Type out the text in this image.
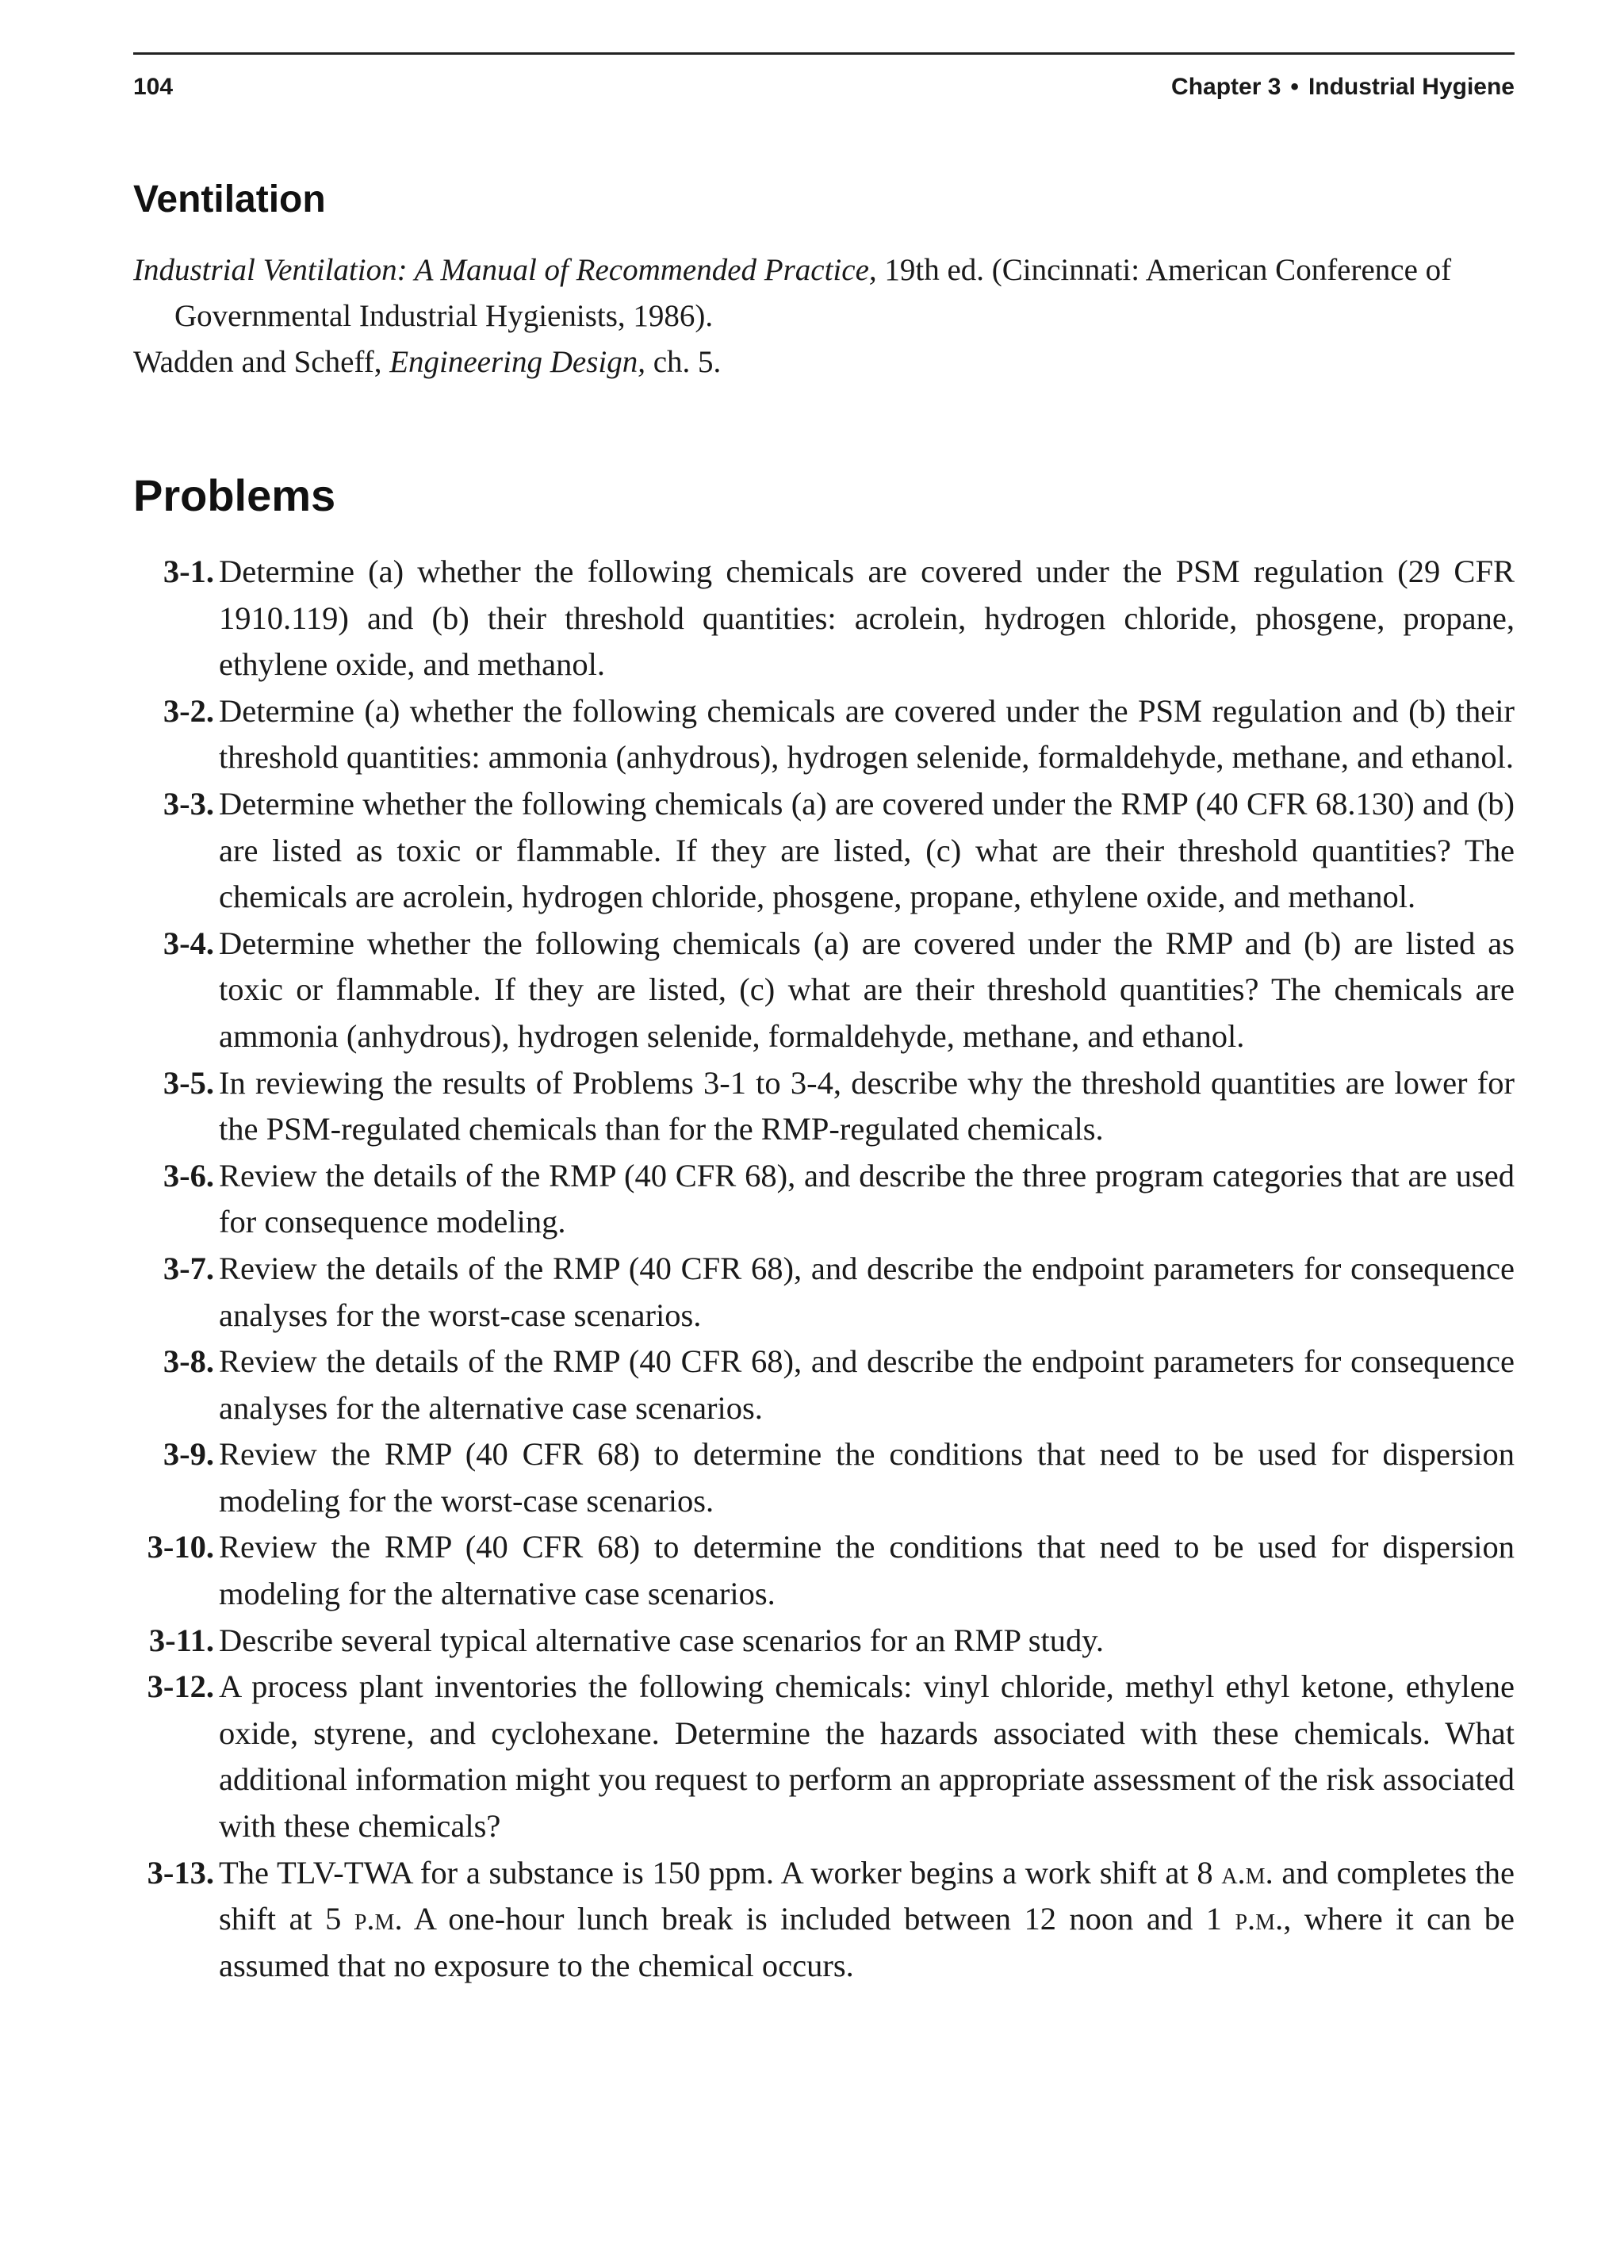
104	Chapter 3 • Industrial Hygiene
Ventilation

Industrial Ventilation: A Manual of Recommended Practice, 19th ed. (Cincinnati: American Conference of Governmental Industrial Hygienists, 1986).

Wadden and Scheff, Engineering Design, ch. 5.

Problems
3-1. Determine (a) whether the following chemicals are covered under the PSM regulation (29 CFR 1910.119) and (b) their threshold quantities: acrolein, hydrogen chloride, phosgene, propane, ethylene oxide, and methanol.
3-2. Determine (a) whether the following chemicals are covered under the PSM regulation and (b) their threshold quantities: ammonia (anhydrous), hydrogen selenide, formaldehyde, methane, and ethanol.
3-3. Determine whether the following chemicals (a) are covered under the RMP (40 CFR 68.130) and (b) are listed as toxic or flammable. If they are listed, (c) what are their threshold quantities? The chemicals are acrolein, hydrogen chloride, phosgene, propane, ethylene oxide, and methanol.
3-4. Determine whether the following chemicals (a) are covered under the RMP and (b) are listed as toxic or flammable. If they are listed, (c) what are their threshold quantities? The chemicals are ammonia (anhydrous), hydrogen selenide, formaldehyde, methane, and ethanol.
3-5. In reviewing the results of Problems 3-1 to 3-4, describe why the threshold quantities are lower for the PSM-regulated chemicals than for the RMP-regulated chemicals.
3-6. Review the details of the RMP (40 CFR 68), and describe the three program categories that are used for consequence modeling.
3-7. Review the details of the RMP (40 CFR 68), and describe the endpoint parameters for consequence analyses for the worst-case scenarios.
3-8. Review the details of the RMP (40 CFR 68), and describe the endpoint parameters for consequence analyses for the alternative case scenarios.
3-9. Review the RMP (40 CFR 68) to determine the conditions that need to be used for dispersion modeling for the worst-case scenarios.
3-10. Review the RMP (40 CFR 68) to determine the conditions that need to be used for dispersion modeling for the alternative case scenarios.
3-11. Describe several typical alternative case scenarios for an RMP study.
3-12. A process plant inventories the following chemicals: vinyl chloride, methyl ethyl ketone, ethylene oxide, styrene, and cyclohexane. Determine the hazards associated with these chemicals. What additional information might you request to perform an appropriate assessment of the risk associated with these chemicals?
3-13. The TLV-TWA for a substance is 150 ppm. A worker begins a work shift at 8 a.m. and completes the shift at 5 p.m. A one-hour lunch break is included between 12 noon and 1 p.m., where it can be assumed that no exposure to the chemical occurs.
